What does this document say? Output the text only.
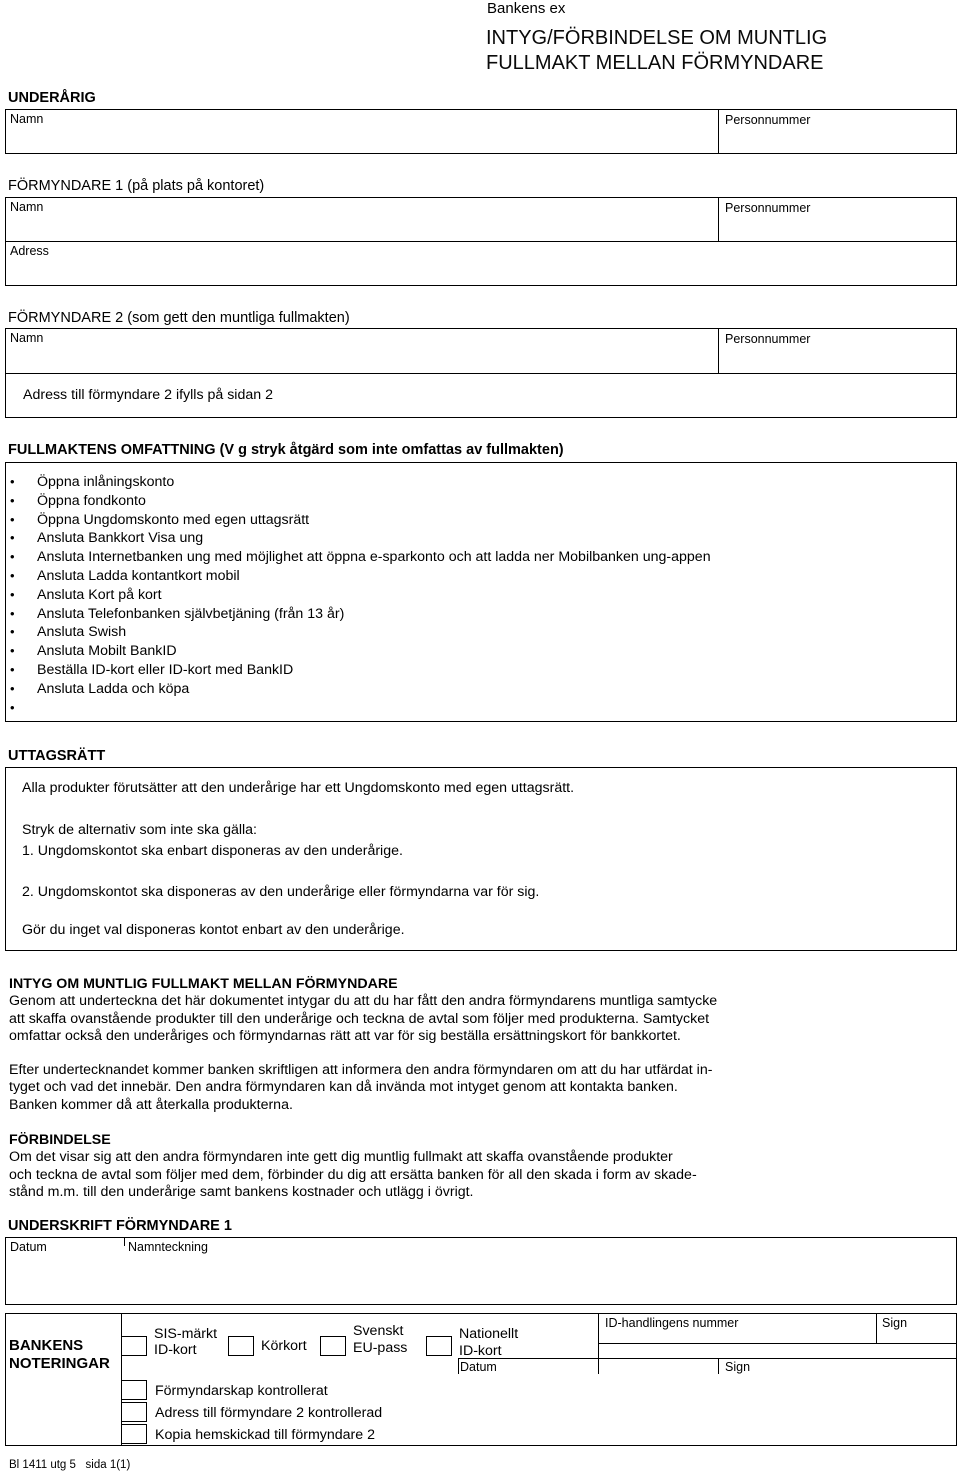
Bankens ex
INTYG/FÖRBINDELSE OM MUNTLIG
FULLMAKT MELLAN FÖRMYNDARE
UNDERÅRIG
Namn	Personnummer
FÖRMYNDARE 1 (på plats på kontoret)
Namn	Personnummer
Adress
FÖRMYNDARE 2 (som gett den muntliga fullmakten)
Namn	Personnummer
Adress till förmyndare 2 ifylls på sidan 2
FULLMAKTENS OMFATTNING (V g stryk åtgärd som inte omfattas av fullmakten)
• Öppna inlåningskonto
• Öppna fondkonto
• Öppna Ungdomskonto med egen uttagsrätt
• Ansluta Bankkort Visa ung
• Ansluta Internetbanken ung med möjlighet att öppna e-sparkonto och att ladda ner Mobilbanken ung-appen
• Ansluta Ladda kontantkort mobil
• Ansluta Kort på kort
• Ansluta Telefonbanken självbetjäning (från 13 år)
• Ansluta Swish
• Ansluta Mobilt BankID
• Beställa ID-kort eller ID-kort med BankID
• Ansluta Ladda och köpa
•
UTTAGSRÄTT
Alla produkter förutsätter att den underårige har ett Ungdomskonto med egen uttagsrätt.
Stryk de alternativ som inte ska gälla:
1. Ungdomskontot ska enbart disponeras av den underårige.
2. Ungdomskontot ska disponeras av den underårige eller förmyndarna var för sig.
Gör du inget val disponeras kontot enbart av den underårige.
INTYG OM MUNTLIG FULLMAKT MELLAN FÖRMYNDARE
Genom att underteckna det här dokumentet intygar du att du har fått den andra förmyndarens muntliga samtycke
att skaffa ovanstående produkter till den underårige och teckna de avtal som följer med produkterna. Samtycket
omfattar också den underåriges och förmyndarnas rätt att var för sig beställa ersättningskort för bankkortet.
Efter undertecknandet kommer banken skriftligen att informera den andra förmyndaren om att du har utfärdat in-
tyget och vad det innebär. Den andra förmyndaren kan då invända mot intyget genom att kontakta banken.
Banken kommer då att återkalla produkterna.
FÖRBINDELSE
Om det visar sig att den andra förmyndaren inte gett dig muntlig fullmakt att skaffa ovanstående produkter
och teckna de avtal som följer med dem, förbinder du dig att ersätta banken för all den skada i form av skade-
stånd m.m. till den underårige samt bankens kostnader och utlägg i övrigt.
UNDERSKRIFT FÖRMYNDARE 1
Datum	Namnteckning
BANKENS
NOTERINGAR
ID-handlingens nummer	Sign
Datum	Sign
SIS-märkt
ID-kort	Körkort
Svenskt
EU-pass
Nationellt
ID-kort
Förmyndarskap kontrollerat
Adress till förmyndare 2 kontrollerad
Kopia hemskickad till förmyndare 2
Bl 1411 utg 5 sida 1(1)
